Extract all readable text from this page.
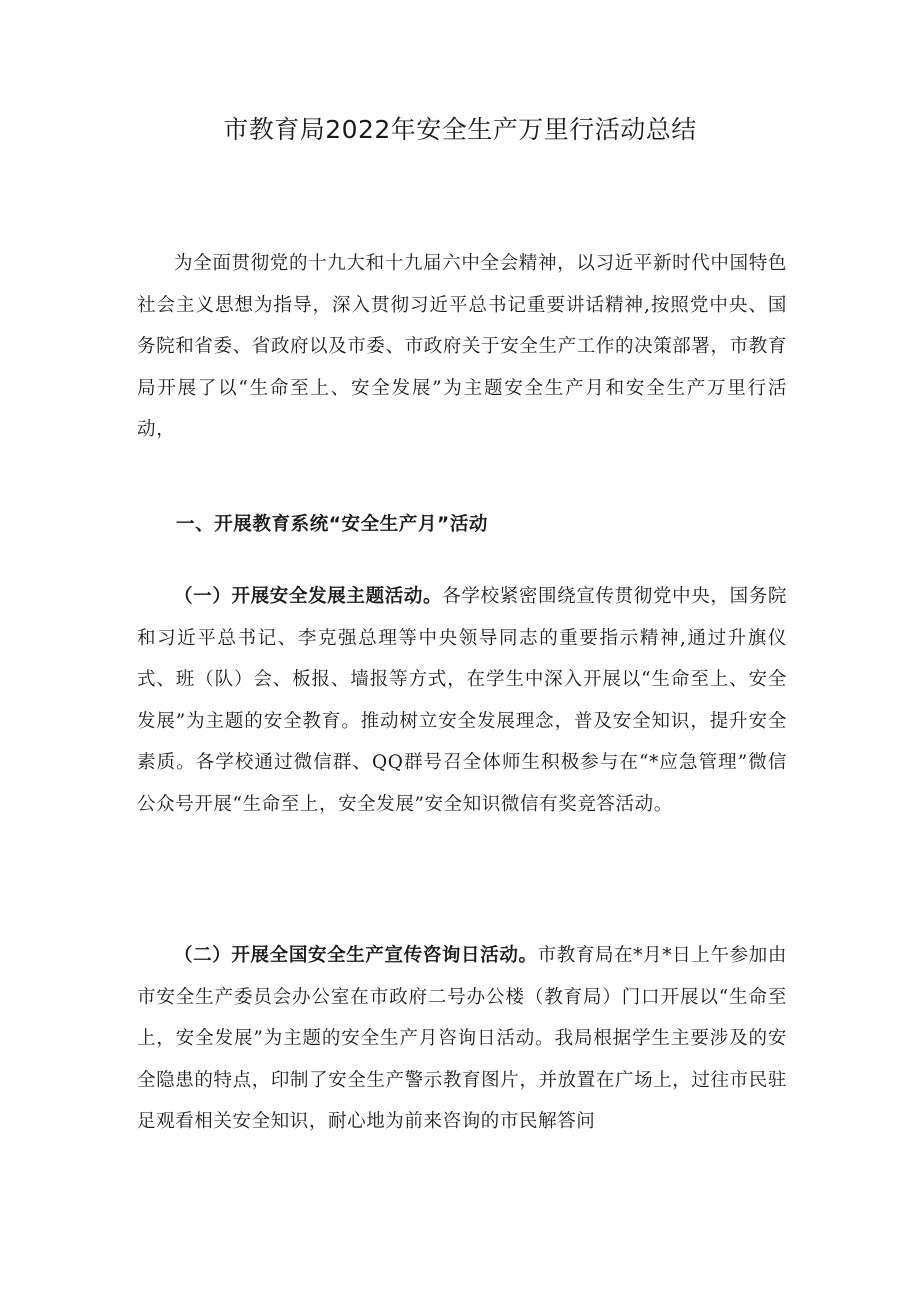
市教育局2022年安全生产万里行活动总结

为全面贯彻党的十九大和十九届六中全会精神，以习近平新时代中国特色社会主义思想为指导，深入贯彻习近平总书记重要讲话精神,按照党中央、国务院和省委、省政府以及市委、市政府关于安全生产工作的决策部署，市教育局开展了以“生命至上、安全发展”为主题安全生产月和安全生产万里行活动，

一、开展教育系统“安全生产月”活动

（一）开展安全发展主题活动。各学校紧密围绕宣传贯彻党中央，国务院和习近平总书记、李克强总理等中央领导同志的重要指示精神,通过升旗仪式、班（队）会、板报、墙报等方式，在学生中深入开展以“生命至上、安全发展”为主题的安全教育。推动树立安全发展理念，普及安全知识，提升安全素质。各学校通过微信群、QQ群号召全体师生积极参与在“*应急管理”微信公众号开展“生命至上，安全发展”安全知识微信有奖竞答活动。

（二）开展全国安全生产宣传咨询日活动。市教育局在*月*日上午参加由市安全生产委员会办公室在市政府二号办公楼（教育局）门口开展以“生命至上，安全发展”为主题的安全生产月咨询日活动。我局根据学生主要涉及的安全隐患的特点，印制了安全生产警示教育图片，并放置在广场上，过往市民驻足观看相关安全知识，耐心地为前来咨询的市民解答问
